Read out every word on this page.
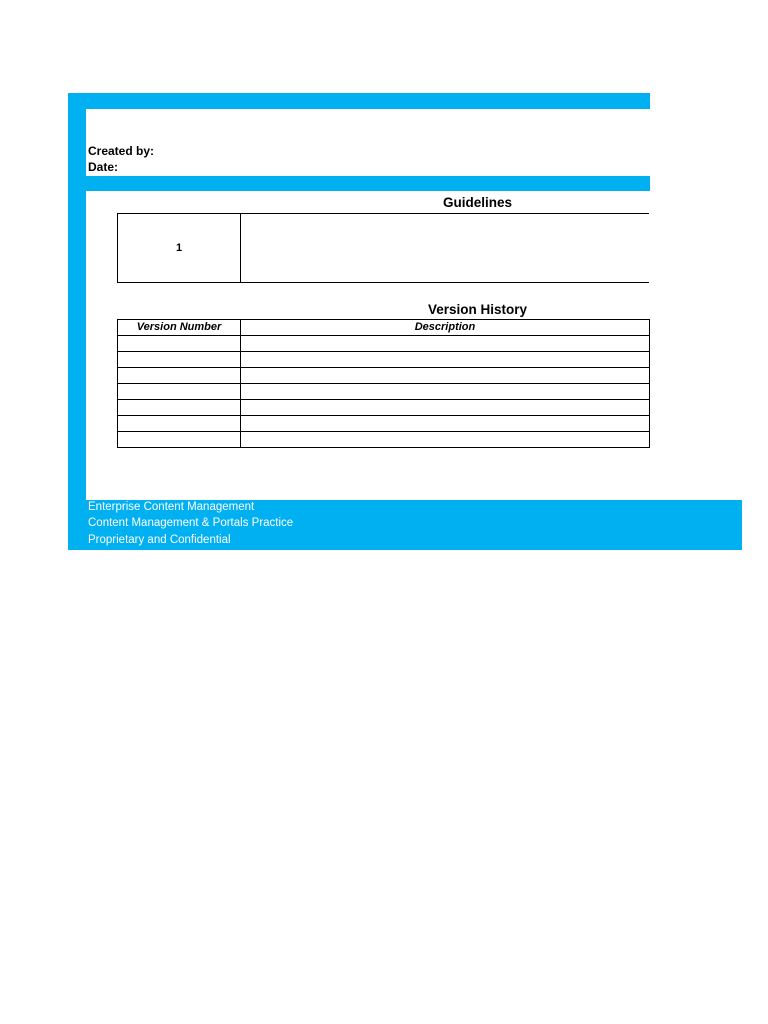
Created by:
Date:
Guidelines
1	
Version History
Version Number	Description

Enterprise Content Management
Content Management & Portals Practice
Proprietary and Confidential
